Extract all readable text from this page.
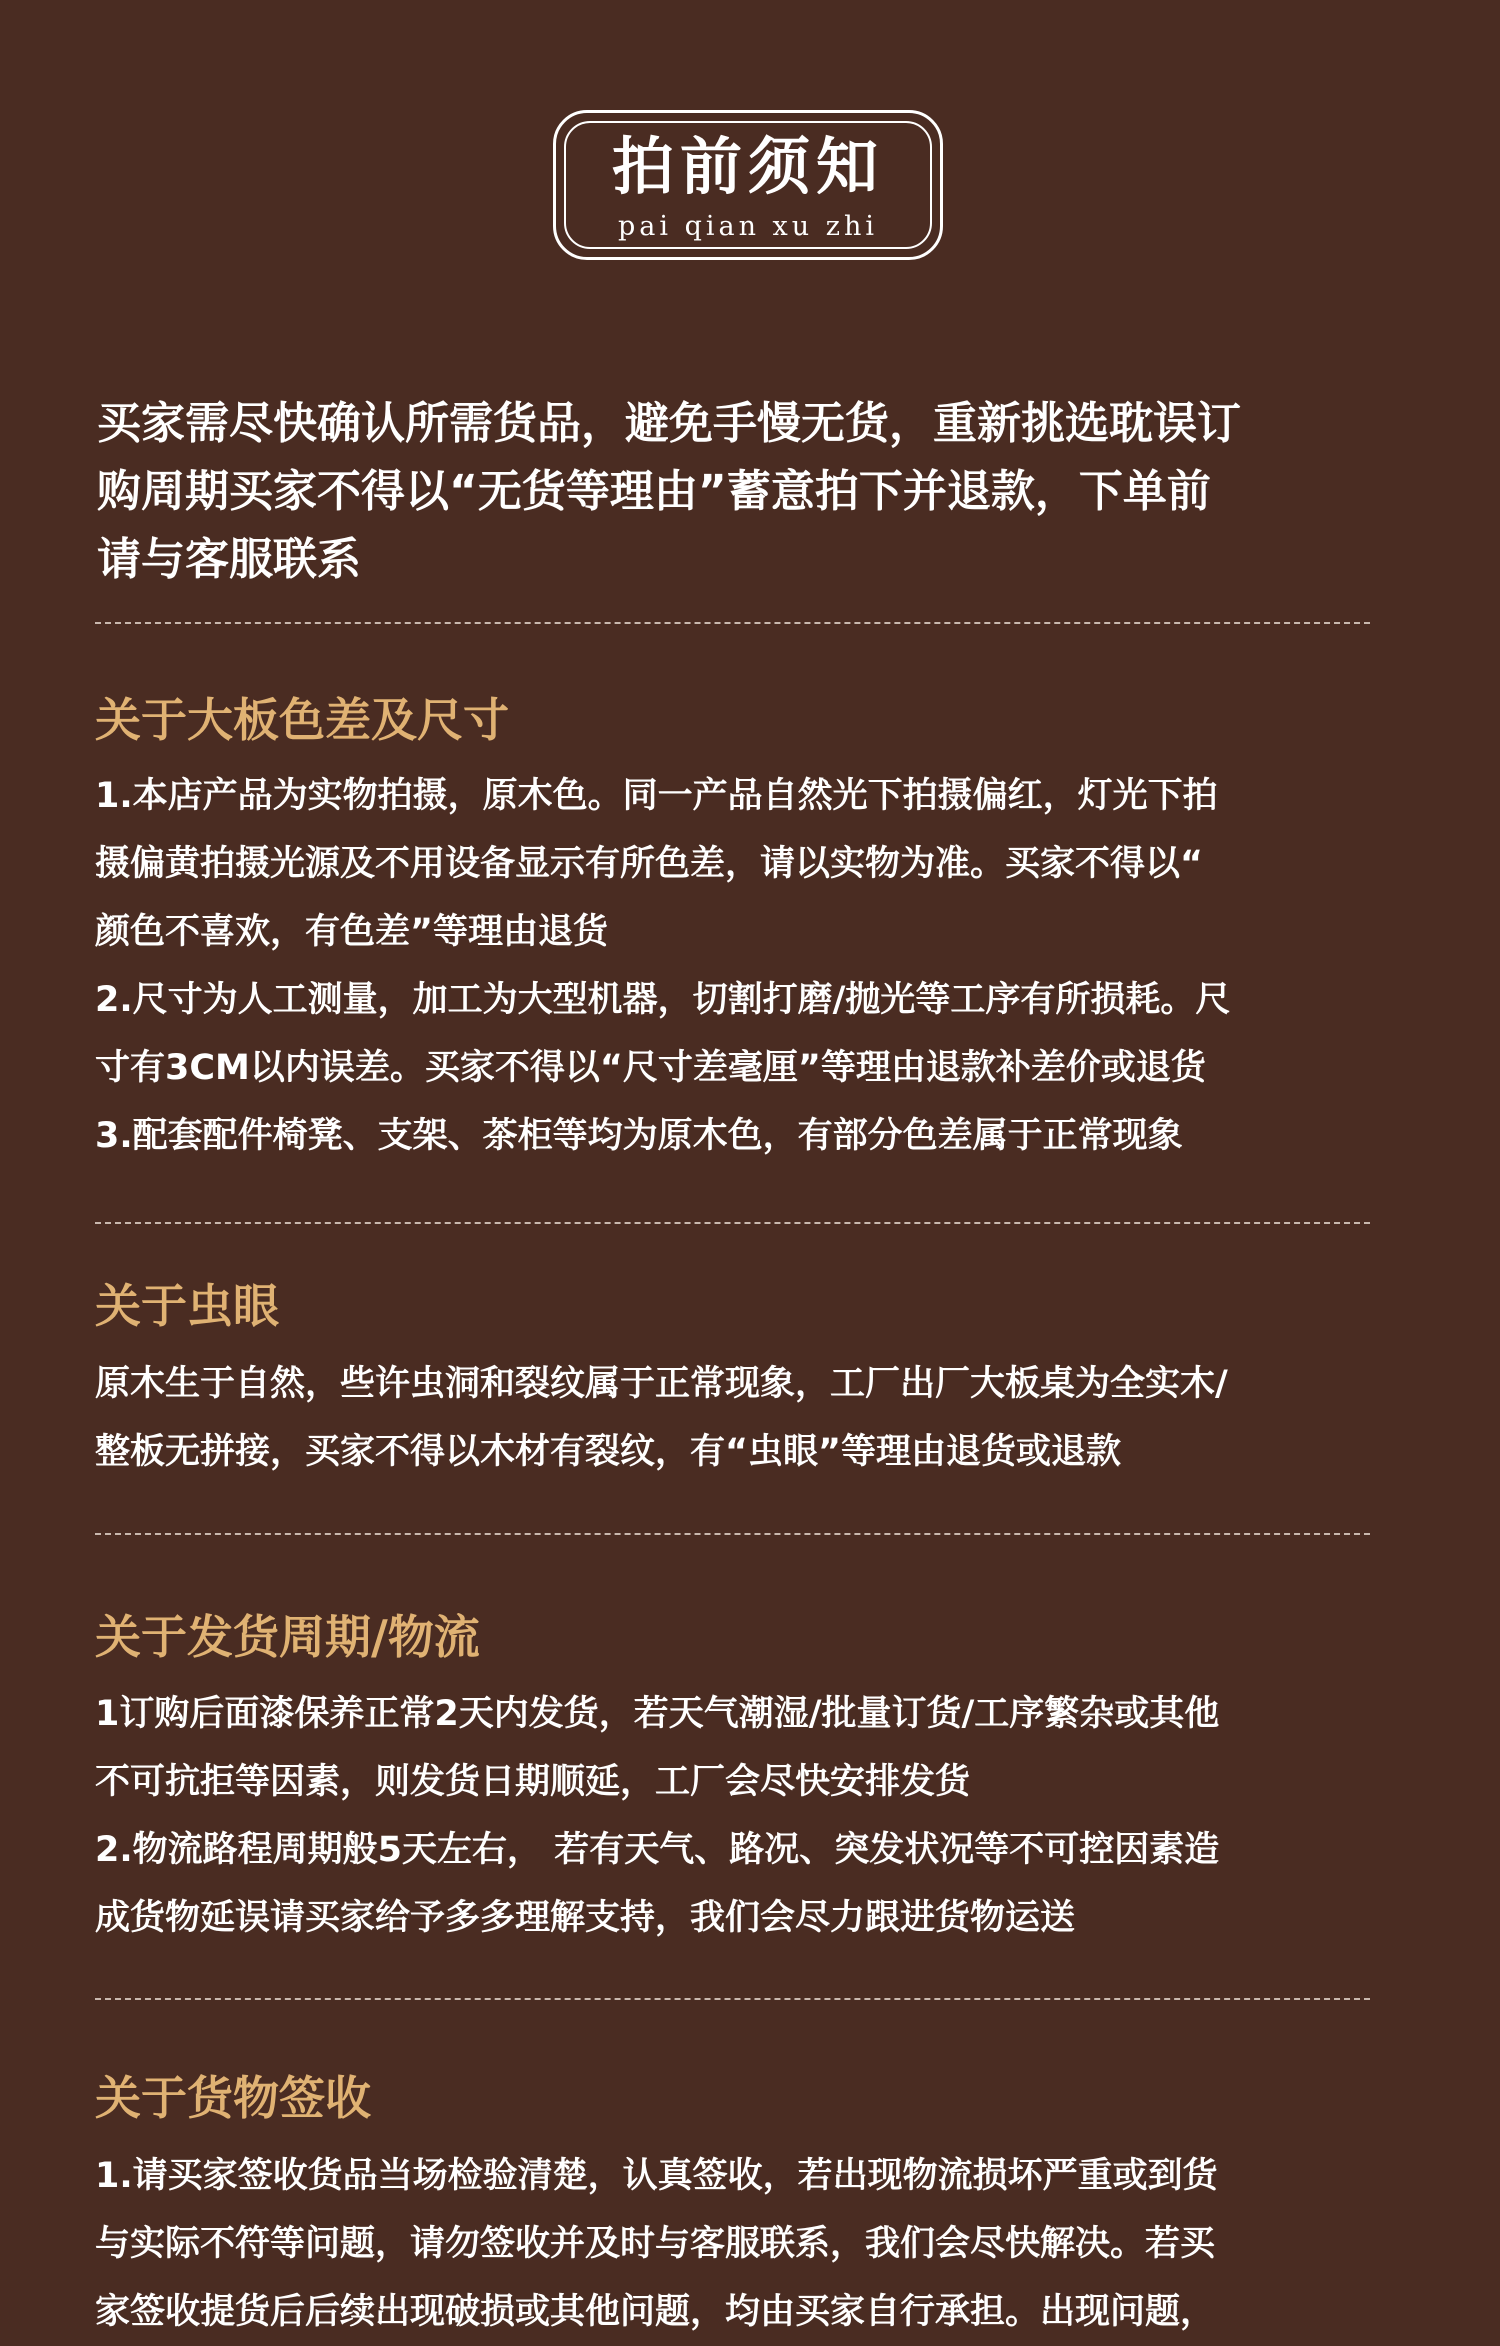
拍前须知
pai qian xu zhi
买家需尽快确认所需货品，避免手慢无货，重新挑选耽误订
购周期买家不得以“无货等理由”蓄意拍下并退款，下单前
请与客服联系
关于大板色差及尺寸

1.本店产品为实物拍摄，原木色。同一产品自然光下拍摄偏红，灯光下拍

摄偏黄拍摄光源及不用设备显示有所色差，请以实物为准。买家不得以“

颜色不喜欢，有色差”等理由退货

2.尺寸为人工测量，加工为大型机器，切割打磨/抛光等工序有所损耗。尺

寸有3CM以内误差。买家不得以“尺寸差毫厘”等理由退款补差价或退货

3.配套配件椅凳、支架、茶柜等均为原木色，有部分色差属于正常现象

关于虫眼

原木生于自然，些许虫洞和裂纹属于正常现象，工厂出厂大板桌为全实木/

整板无拼接，买家不得以木材有裂纹，有“虫眼”等理由退货或退款

关于发货周期/物流

1订购后面漆保养正常2天内发货，若天气潮湿/批量订货/工序繁杂或其他

不可抗拒等因素，则发货日期顺延，工厂会尽快安排发货

2.物流路程周期般5天左右， 若有天气、路况、突发状况等不可控因素造

成货物延误请买家给予多多理解支持，我们会尽力跟进货物运送

关于货物签收

1.请买家签收货品当场检验清楚，认真签收，若出现物流损坏严重或到货

与实际不符等问题，请勿签收并及时与客服联系，我们会尽快解决。若买

家签收提货后后续出现破损或其他问题，均由买家自行承担。出现问题，
